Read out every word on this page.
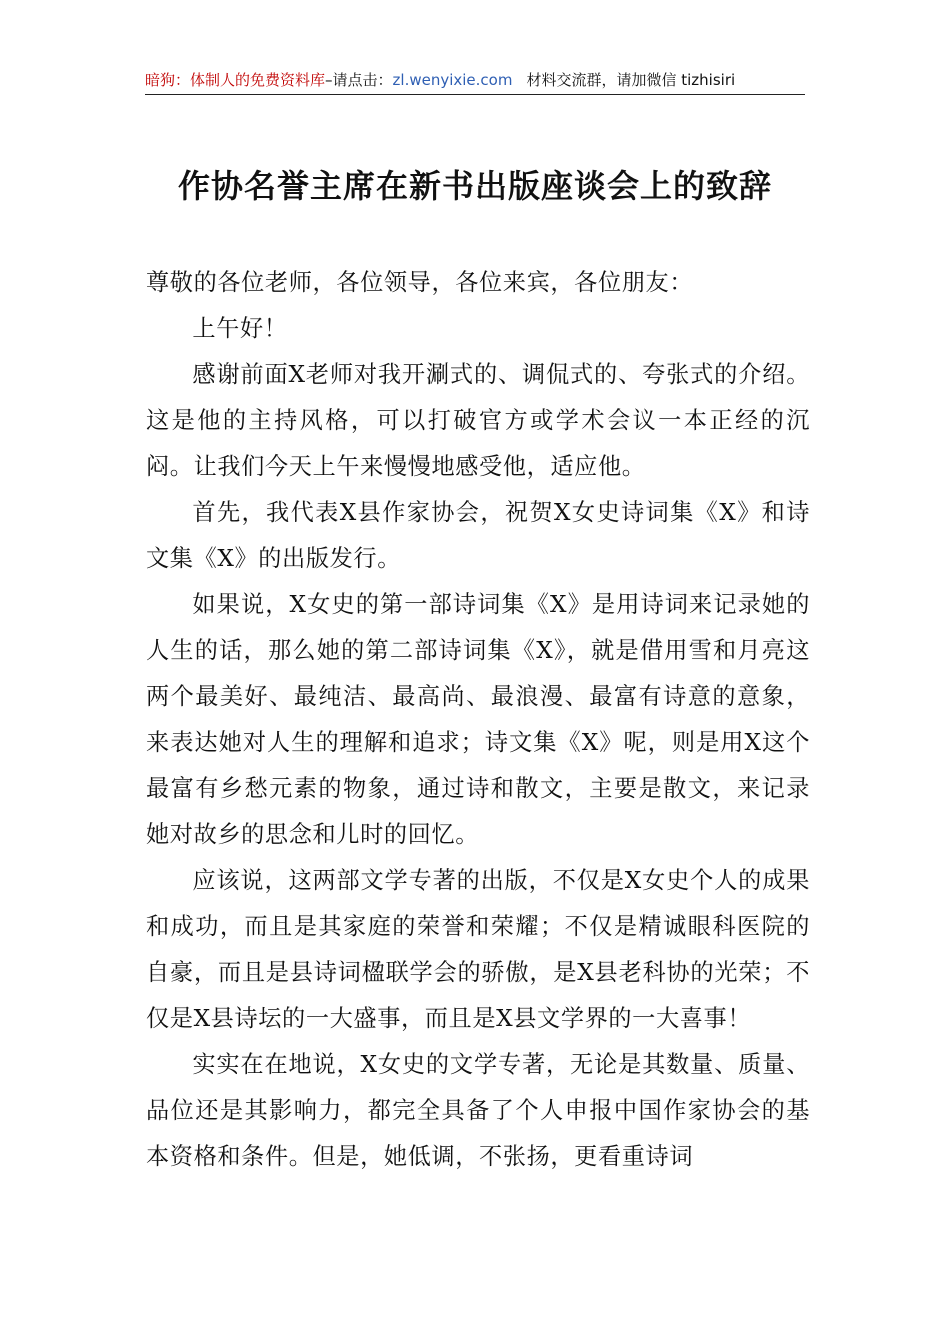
暗狗：体制人的免费资料库–请点击：zl.wenyixie.com 材料交流群，请加微信 tizhisiri
作协名誉主席在新书出版座谈会上的致辞

尊敬的各位老师，各位领导，各位来宾，各位朋友：

上午好！

感谢前面X老师对我开涮式的、调侃式的、夸张式的介绍。这是他的主持风格，可以打破官方或学术会议一本正经的沉闷。让我们今天上午来慢慢地感受他，适应他。

首先，我代表X县作家协会，祝贺X女史诗词集《X》和诗文集《X》的出版发行。

如果说，X女史的第一部诗词集《X》是用诗词来记录她的人生的话，那么她的第二部诗词集《X》，就是借用雪和月亮这两个最美好、最纯洁、最高尚、最浪漫、最富有诗意的意象，来表达她对人生的理解和追求；诗文集《X》呢，则是用X这个最富有乡愁元素的物象，通过诗和散文，主要是散文，来记录她对故乡的思念和儿时的回忆。

应该说，这两部文学专著的出版，不仅是X女史个人的成果和成功，而且是其家庭的荣誉和荣耀；不仅是精诚眼科医院的自豪，而且是县诗词楹联学会的骄傲，是X县老科协的光荣；不仅是X县诗坛的一大盛事，而且是X县文学界的一大喜事！

实实在在地说，X女史的文学专著，无论是其数量、质量、品位还是其影响力，都完全具备了个人申报中国作家协会的基本资格和条件。但是，她低调，不张扬，更看重诗词
